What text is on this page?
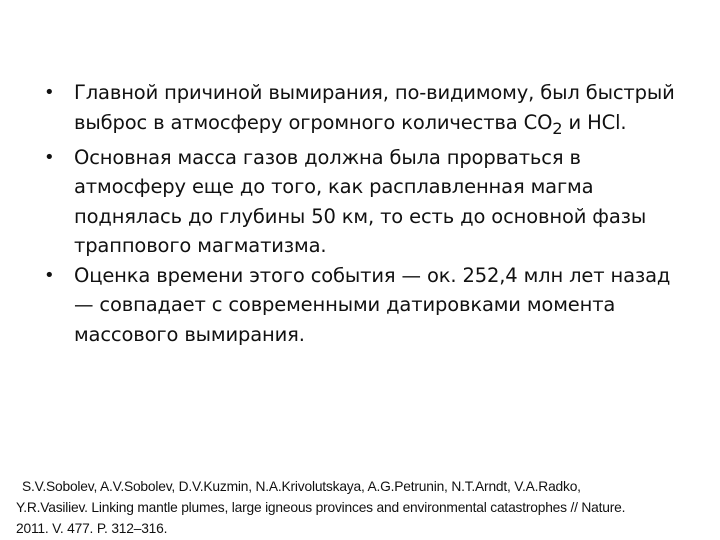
•	Главной причиной вымирания, по-видимому, был быстрый выброс в атмосферу огромного количества $CO_2$ и HCl.
•	Основная масса газов должна была прорваться в атмосферу еще до того, как расплавленная магма поднялась до глубины 50 км, то есть до основной фазы траппового магматизма.
•	Оценка времени этого события — ок. 252,4 млн лет назад — совпадает с современными датировками момента массового вымирания.
S.V.Sobolev, A.V.Sobolev, D.V.Kuzmin, N.A.Krivolutskaya, A.G.Petrunin, N.T.Arndt, V.A.Radko,
Y.R.Vasiliev. Linking mantle plumes, large igneous provinces and environmental catastrophes // Nature.
2011. V. 477. P. 312–316.
